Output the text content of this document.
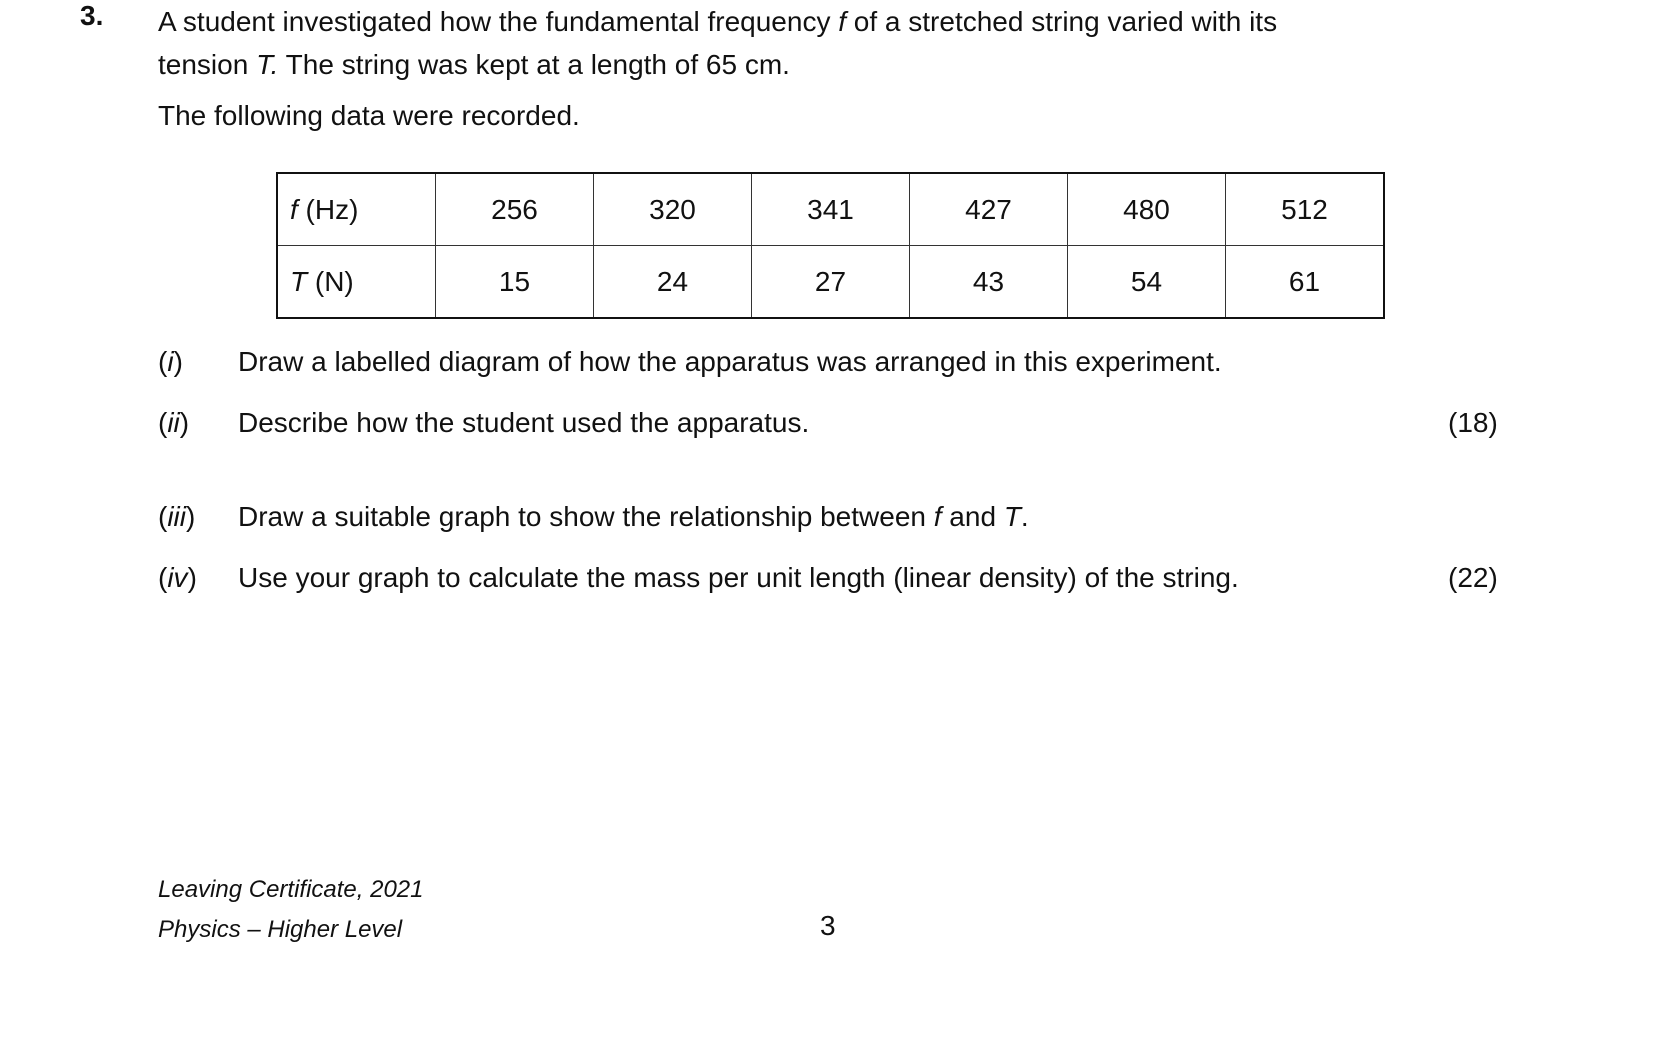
3. A student investigated how the fundamental frequency f of a stretched string varied with its
tension T. The string was kept at a length of 65 cm.
The following data were recorded.
f (Hz)	256	320	341	427	480	512
T (N)	15	24	27	43	54	61
(i) Draw a labelled diagram of how the apparatus was arranged in this experiment.
(ii) Describe how the student used the apparatus.	(18)
(iii) Draw a suitable graph to show the relationship between f and T.
(iv) Use your graph to calculate the mass per unit length (linear density) of the string.	(22)
Leaving Certificate, 2021
Physics – Higher Level	3
